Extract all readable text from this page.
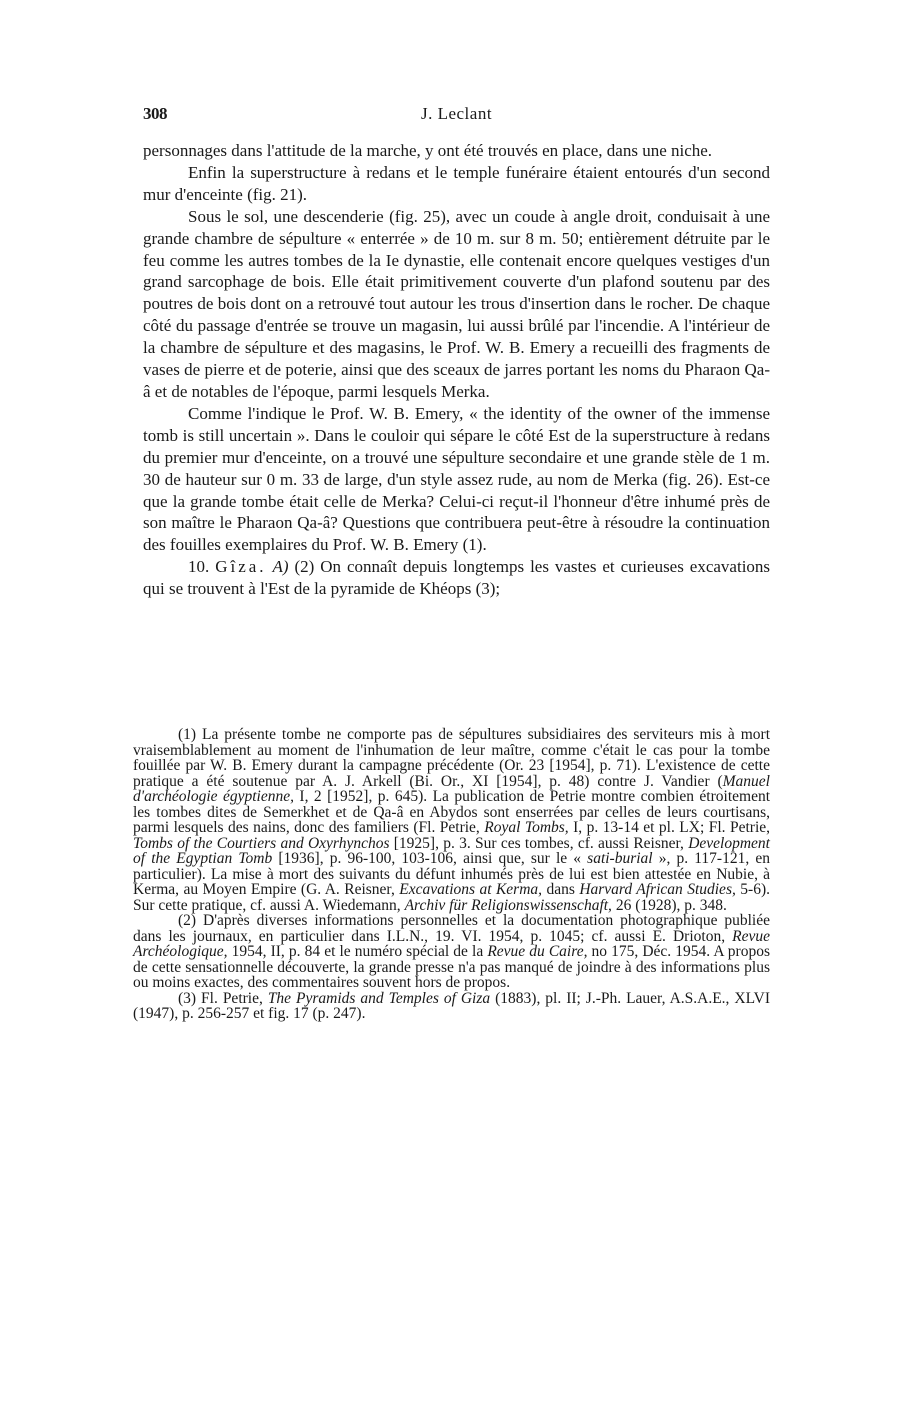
308	J. Leclant

personnages dans l'attitude de la marche, y ont été trouvés en place, dans une niche.

Enfin la superstructure à redans et le temple funéraire étaient entourés d'un second mur d'enceinte (fig. 21).

Sous le sol, une descenderie (fig. 25), avec un coude à angle droit, conduisait à une grande chambre de sépulture « enterrée » de 10 m. sur 8 m. 50; entièrement détruite par le feu comme les autres tombes de la Ie dynastie, elle contenait encore quelques vestiges d'un grand sarcophage de bois. Elle était primitivement couverte d'un plafond soutenu par des poutres de bois dont on a retrouvé tout autour les trous d'insertion dans le rocher. De chaque côté du passage d'entrée se trouve un magasin, lui aussi brûlé par l'incendie. A l'intérieur de la chambre de sépulture et des magasins, le Prof. W. B. Emery a recueilli des fragments de vases de pierre et de poterie, ainsi que des sceaux de jarres portant les noms du Pharaon Qa-â et de notables de l'époque, parmi lesquels Merka.

Comme l'indique le Prof. W. B. Emery, « the identity of the owner of the immense tomb is still uncertain ». Dans le couloir qui sépare le côté Est de la superstructure à redans du premier mur d'enceinte, on a trouvé une sépulture secondaire et une grande stèle de 1 m. 30 de hauteur sur 0 m. 33 de large, d'un style assez rude, au nom de Merka (fig. 26). Est-ce que la grande tombe était celle de Merka? Celui-ci reçut-il l'honneur d'être inhumé près de son maître le Pharaon Qa-â? Questions que contribuera peut-être à résoudre la continuation des fouilles exemplaires du Prof. W. B. Emery (1).

10. Gîza. A) (2) On connaît depuis longtemps les vastes et curieuses excavations qui se trouvent à l'Est de la pyramide de Khéops (3);

(1) La présente tombe ne comporte pas de sépultures subsidiaires des serviteurs mis à mort vraisemblablement au moment de l'inhumation de leur maître, comme c'était le cas pour la tombe fouillée par W. B. Emery durant la campagne précédente (Or. 23 [1954], p. 71). L'existence de cette pratique a été soutenue par A. J. Arkell (Bi. Or., XI [1954], p. 48) contre J. Vandier (Manuel d'archéologie égyptienne, I, 2 [1952], p. 645). La publication de Petrie montre combien étroitement les tombes dites de Semerkhet et de Qa-â en Abydos sont enserrées par celles de leurs courtisans, parmi lesquels des nains, donc des familiers (Fl. Petrie, Royal Tombs, I, p. 13-14 et pl. LX; Fl. Petrie, Tombs of the Courtiers and Oxyrhynchos [1925], p. 3. Sur ces tombes, cf. aussi Reisner, Development of the Egyptian Tomb [1936], p. 96-100, 103-106, ainsi que, sur le « sati-burial », p. 117-121, en particulier). La mise à mort des suivants du défunt inhumés près de lui est bien attestée en Nubie, à Kerma, au Moyen Empire (G. A. Reisner, Excavations at Kerma, dans Harvard African Studies, 5-6). Sur cette pratique, cf. aussi A. Wiedemann, Archiv für Religionswissenschaft, 26 (1928), p. 348.

(2) D'après diverses informations personnelles et la documentation photographique publiée dans les journaux, en particulier dans I.L.N., 19. VI. 1954, p. 1045; cf. aussi E. Drioton, Revue Archéologique, 1954, II, p. 84 et le numéro spécial de la Revue du Caire, no 175, Déc. 1954. A propos de cette sensationnelle découverte, la grande presse n'a pas manqué de joindre à des informations plus ou moins exactes, des commentaires souvent hors de propos.

(3) Fl. Petrie, The Pyramids and Temples of Giza (1883), pl. II; J.-Ph. Lauer, A.S.A.E., XLVI (1947), p. 256-257 et fig. 17 (p. 247).
